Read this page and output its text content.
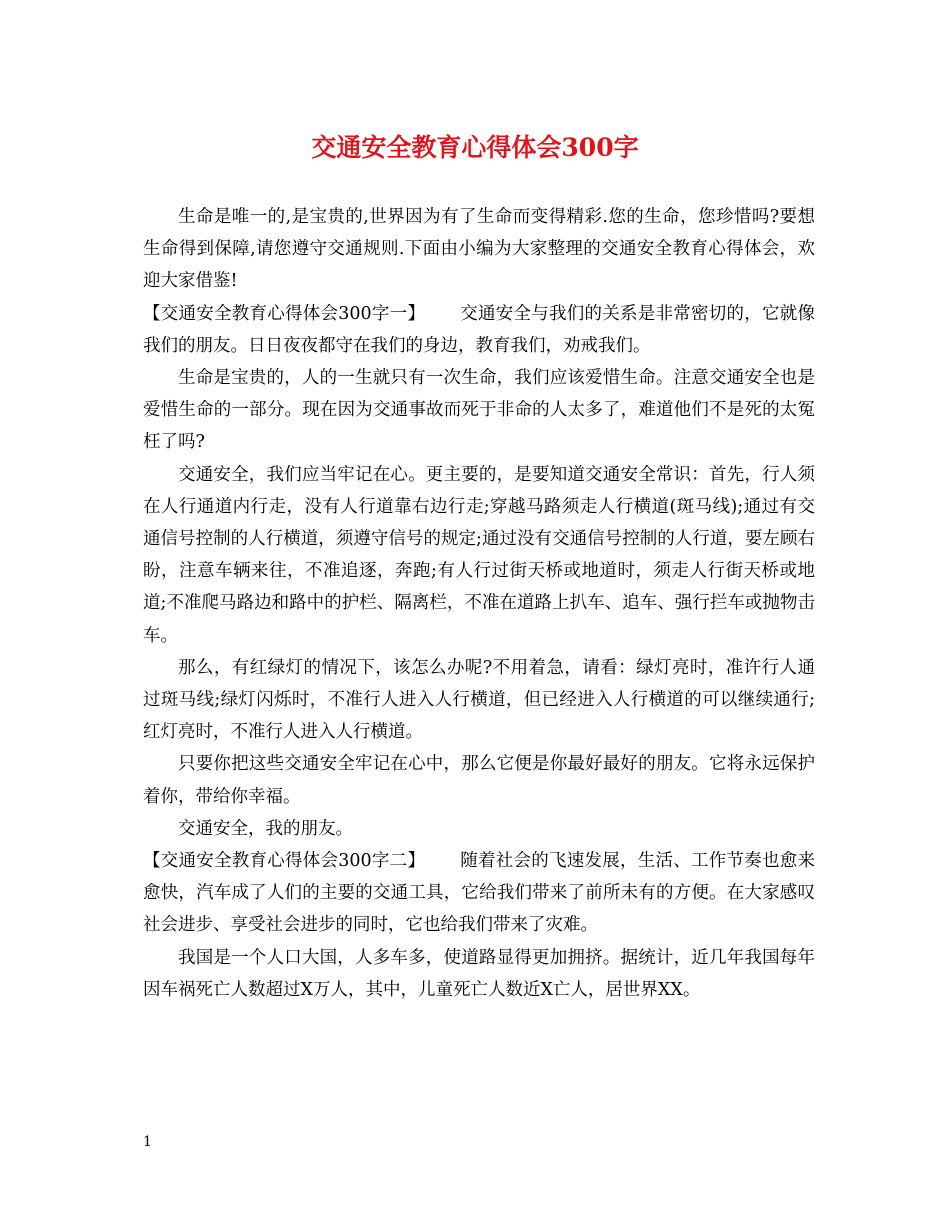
交通安全教育心得体会300字

生命是唯一的,是宝贵的,世界因为有了生命而变得精彩.您的生命，您珍惜吗?要想生命得到保障,请您遵守交通规则.下面由小编为大家整理的交通安全教育心得体会，欢迎大家借鉴!

【交通安全教育心得体会300字一】 交通安全与我们的关系是非常密切的，它就像我们的朋友。日日夜夜都守在我们的身边，教育我们，劝戒我们。

生命是宝贵的，人的一生就只有一次生命，我们应该爱惜生命。注意交通安全也是爱惜生命的一部分。现在因为交通事故而死于非命的人太多了，难道他们不是死的太冤枉了吗?

交通安全，我们应当牢记在心。更主要的，是要知道交通安全常识：首先，行人须在人行通道内行走，没有人行道靠右边行走;穿越马路须走人行横道(斑马线);通过有交通信号控制的人行横道，须遵守信号的规定;通过没有交通信号控制的人行道，要左顾右盼，注意车辆来往，不准追逐，奔跑;有人行过街天桥或地道时，须走人行街天桥或地道;不准爬马路边和路中的护栏、隔离栏，不准在道路上扒车、追车、强行拦车或抛物击车。

那么，有红绿灯的情况下，该怎么办呢?不用着急，请看：绿灯亮时，准许行人通过斑马线;绿灯闪烁时，不准行人进入人行横道，但已经进入人行横道的可以继续通行;红灯亮时，不准行人进入人行横道。

只要你把这些交通安全牢记在心中，那么它便是你最好最好的朋友。它将永远保护着你，带给你幸福。

交通安全，我的朋友。

【交通安全教育心得体会300字二】 随着社会的飞速发展，生活、工作节奏也愈来愈快，汽车成了人们的主要的交通工具，它给我们带来了前所未有的方便。在大家感叹社会进步、享受社会进步的同时，它也给我们带来了灾难。

我国是一个人口大国，人多车多，使道路显得更加拥挤。据统计，近几年我国每年因车祸死亡人数超过X万人，其中，儿童死亡人数近X亡人，居世界XX。

1
